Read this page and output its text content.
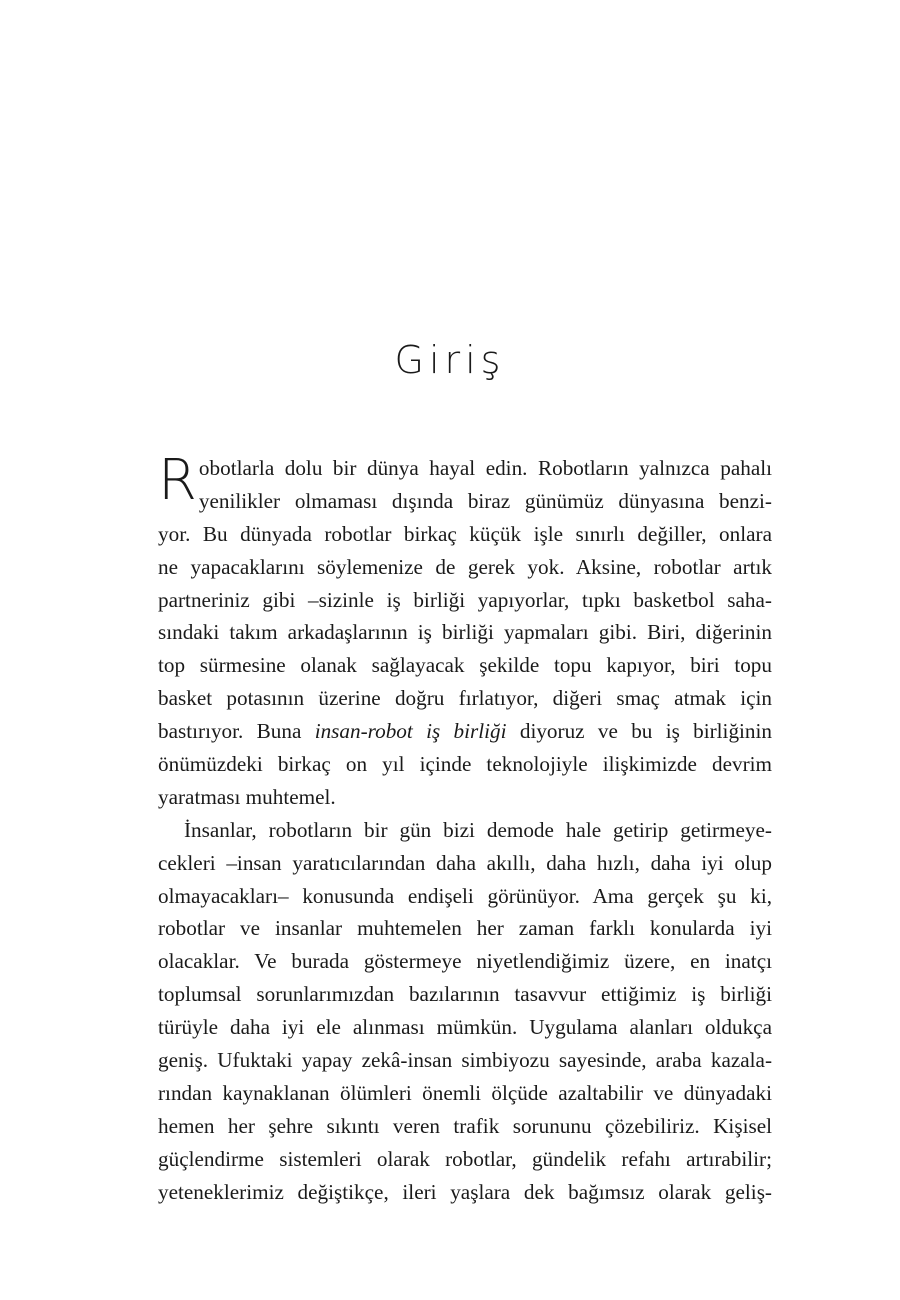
Giriş
R obotlarla dolu bir dünya hayal edin. Robotların yalnızca pahalı
yenilikler olmaması dışında biraz günümüz dünyasına benzi-
yor. Bu dünyada robotlar birkaç küçük işle sınırlı değiller, onlara
ne yapacaklarını söylemenize de gerek yok. Aksine, robotlar artık
partneriniz gibi –sizinle iş birliği yapıyorlar, tıpkı basketbol saha-
sındaki takım arkadaşlarının iş birliği yapmaları gibi. Biri, diğerinin
top sürmesine olanak sağlayacak şekilde topu kapıyor, biri topu
basket potasının üzerine doğru fırlatıyor, diğeri smaç atmak için
bastırıyor. Buna insan-robot iş birliği diyoruz ve bu iş birliğinin
önümüzdeki birkaç on yıl içinde teknolojiyle ilişkimizde devrim
yaratması muhtemel.
İnsanlar, robotların bir gün bizi demode hale getirip getirmeye-
cekleri –insan yaratıcılarından daha akıllı, daha hızlı, daha iyi olup
olmayacakları– konusunda endişeli görünüyor. Ama gerçek şu ki,
robotlar ve insanlar muhtemelen her zaman farklı konularda iyi
olacaklar. Ve burada göstermeye niyetlendiğimiz üzere, en inatçı
toplumsal sorunlarımızdan bazılarının tasavvur ettiğimiz iş birliği
türüyle daha iyi ele alınması mümkün. Uygulama alanları oldukça
geniş. Ufuktaki yapay zekâ-insan simbiyozu sayesinde, araba kazala-
rından kaynaklanan ölümleri önemli ölçüde azaltabilir ve dünyadaki
hemen her şehre sıkıntı veren trafik sorununu çözebiliriz. Kişisel
güçlendirme sistemleri olarak robotlar, gündelik refahı artırabilir;
yeteneklerimiz değiştikçe, ileri yaşlara dek bağımsız olarak geliş-
